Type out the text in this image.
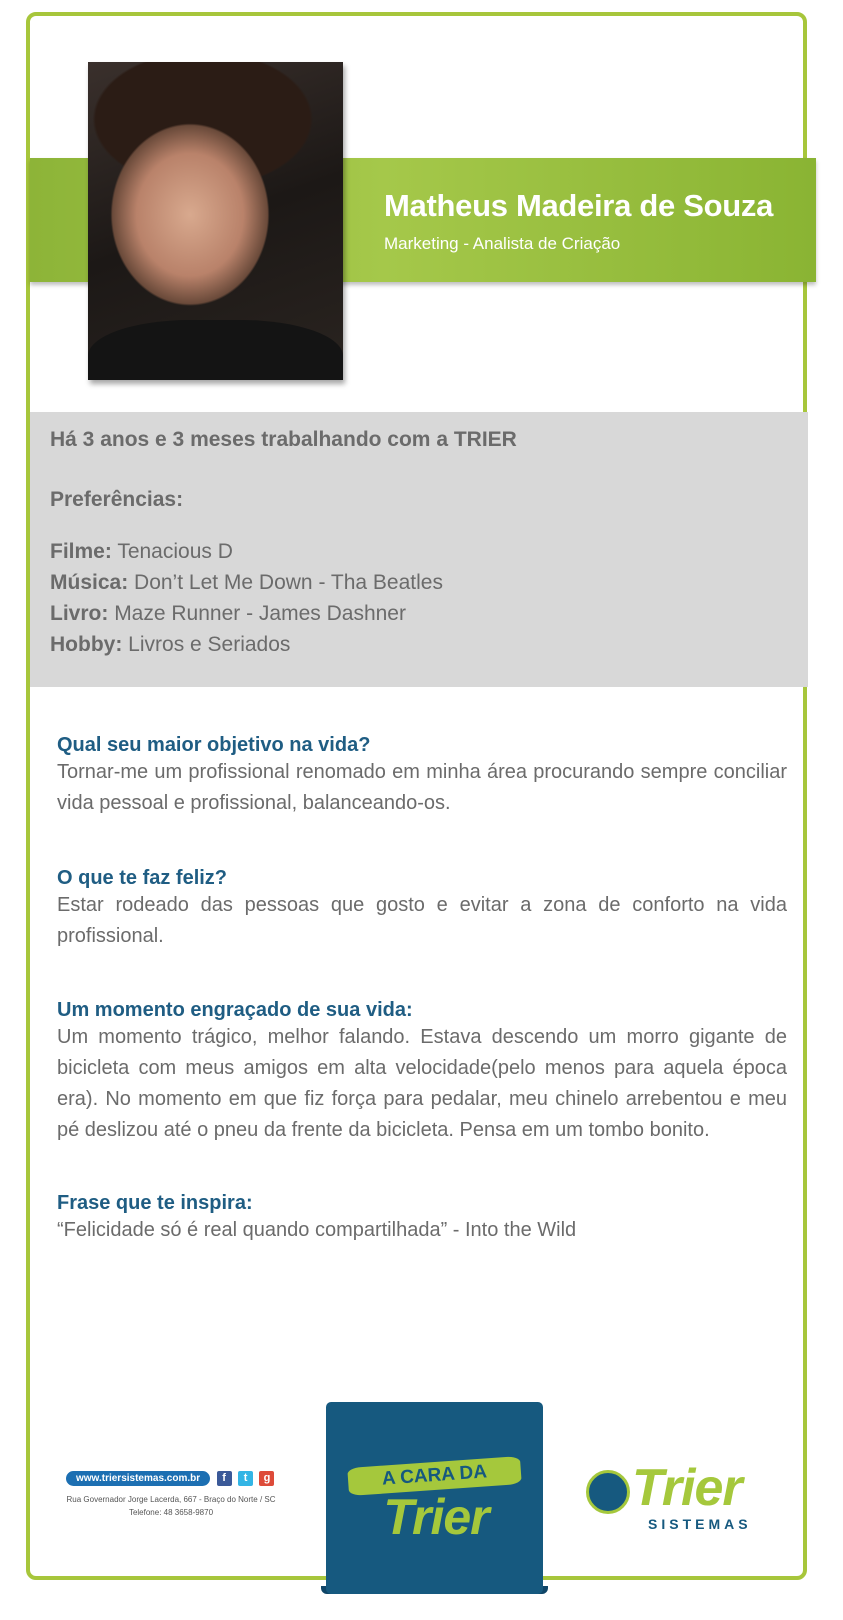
Matheus Madeira de Souza
Marketing - Analista de Criação
Há 3 anos e 3 meses trabalhando com a TRIER
Preferências:
Filme: Tenacious D
Música: Don’t Let Me Down - Tha Beatles
Livro: Maze Runner - James Dashner
Hobby: Livros e Seriados

Qual seu maior objetivo na vida?

Tornar-me um profissional renomado em minha área procurando sempre conciliar vida pessoal e profissional, balanceando-os.

O que te faz feliz?

Estar rodeado das pessoas que gosto e evitar a zona de conforto na vida profissional.

Um momento engraçado de sua vida:

Um momento trágico, melhor falando. Estava descendo um morro gigante de bicicleta com meus amigos em alta velocidade(pelo menos para aquela época era). No momento em que fiz força para pedalar, meu chinelo arrebentou e meu pé deslizou até o pneu da frente da bicicleta. Pensa em um tombo bonito.

Frase que te inspira:

“Felicidade só é real quando compartilhada” - Into the Wild

www.triersistemas.com.br f t g
Rua Governador Jorge Lacerda, 667 - Braço do Norte / SC
Telefone: 48 3658-9870
A CARA DA
Trier	Trier
SISTEMAS
